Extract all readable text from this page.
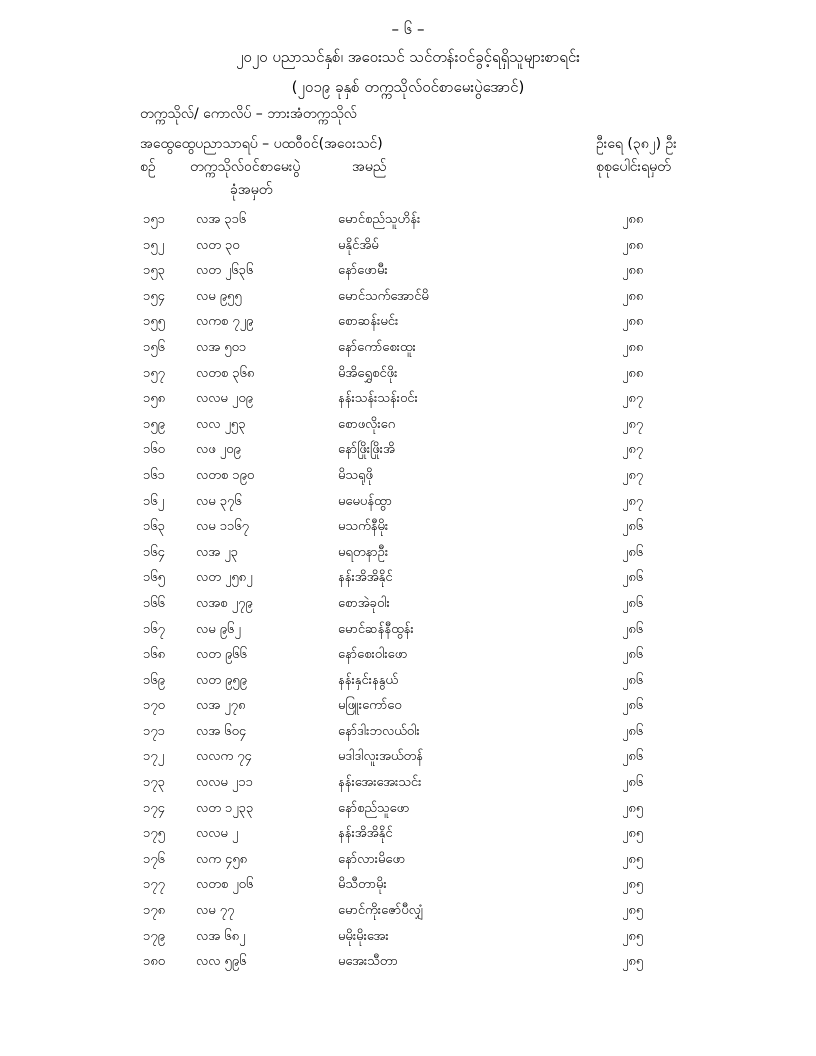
– ၆ –
၂၀၂၀ ပညာသင်နှစ်၊ အဝေးသင် သင်တန်းဝင်ခွင့်ရရှိသူများစာရင်း
(၂၀၁၉ ခုနှစ် တက္ကသိုလ်ဝင်စာမေးပွဲအောင်)
တက္ကသိုလ်/ ကောလိပ် – ဘားအံတက္ကသိုလ်
အထွေထွေပညာသာရပ် – ပထဝီဝင်(အဝေးသင်)	ဦးရေ (၃၈၂) ဦး
စဉ် တက္ကသိုလ်ဝင်စာမေးပွဲ
ခုံအမှတ်
အမည်	စုစုပေါင်းရမှတ်
၁၅၁ လအ ၃၁၆	မောင်စည်သူဟိန်း	၂၈၈
၁၅၂ လတ ၃၀	မနိုင်အိမ်	၂၈၈
၁၅၃ လတ ၂၆၃၆	နော်ဖောမီး	၂၈၈
၁၅၄ လမ ၉၅၅	မောင်သက်အောင်မိ	၂၈၈
၁၅၅ လကစ ၇၂၉	စောဆန်းမင်း	၂၈၈
၁၅၆ လအ ၅၀၁	နော်ကော်စေးထူး	၂၈၈
၁၅၇ လတစ ၃၆၈	မိအိရွှေစင်ဖိုး	၂၈၈
၁၅၈ လလမ ၂၀၉	နန်းသန်းသန်းဝင်း	၂၈၇
၁၅၉ လလ ၂၅၃	စောဖလိုးဂေ	၂၈၇
၁၆၀ လဖ ၂၀၉	နော်ဖြိုးဖြိုးအိ	၂၈၇
၁၆၁ လတစ ၁၉၀	မိသရုဖို	၂၈၇
၁၆၂ လမ ၃၇၆	မမေပန်ထွာ	၂၈၇
၁၆၃ လမ ၁၁၆၇	မသက်နီမိုး	၂၈၆
၁၆၄ လအ ၂၃	မရတနာဦး	၂၈၆
၁၆၅ လတ ၂၅၈၂	နန်းအိအိနိုင်	၂၈၆
၁၆၆ လအစ ၂၇၉	စောအဲခုဝါး	၂၈၆
၁၆၇ လမ ၉၆၂	မောင်ဆန်နီထွန်း	၂၈၆
၁၆၈ လတ ၉၆၆	နော်စေးဝါးဖော	၂၈၆
၁၆၉ လတ ၉၅၉	နန်းနှင်းနနွယ်	၂၈၆
၁၇၀ လအ ၂၇၈	မဖြူးကော်ဝေ	၂၈၆
၁၇၁ လအ ၆၀၄	နော်ဒါးဘလယ်ဝါး	၂၈၆
၁၇၂ လလက ၇၄	မဒါဒါလူးအယ်တန်	၂၈၆
၁၇၃ လလမ ၂၁၁	နန်းအေးအေးသင်း	၂၈၆
၁၇၄ လတ ၁၂၃၃	နော်စည်သူဖော	၂၈၅
၁၇၅ လလမ ၂	နန်းအိအိနိုင်	၂၈၅
၁၇၆ လက ၄၅၈	နော်လားမိဖော	၂၈၅
၁၇၇ လတစ ၂၀၆	မိသီတာမိုး	၂၈၅
၁၇၈ လမ ၇၇	မောင်ကိုးဇော်ပီလျှံ	၂၈၅
၁၇၉ လအ ၆၈၂	မမိုးမိုးအေး	၂၈၅
၁၈၀ လလ ၅၉၆	မအေးသီတာ	၂၈၅
